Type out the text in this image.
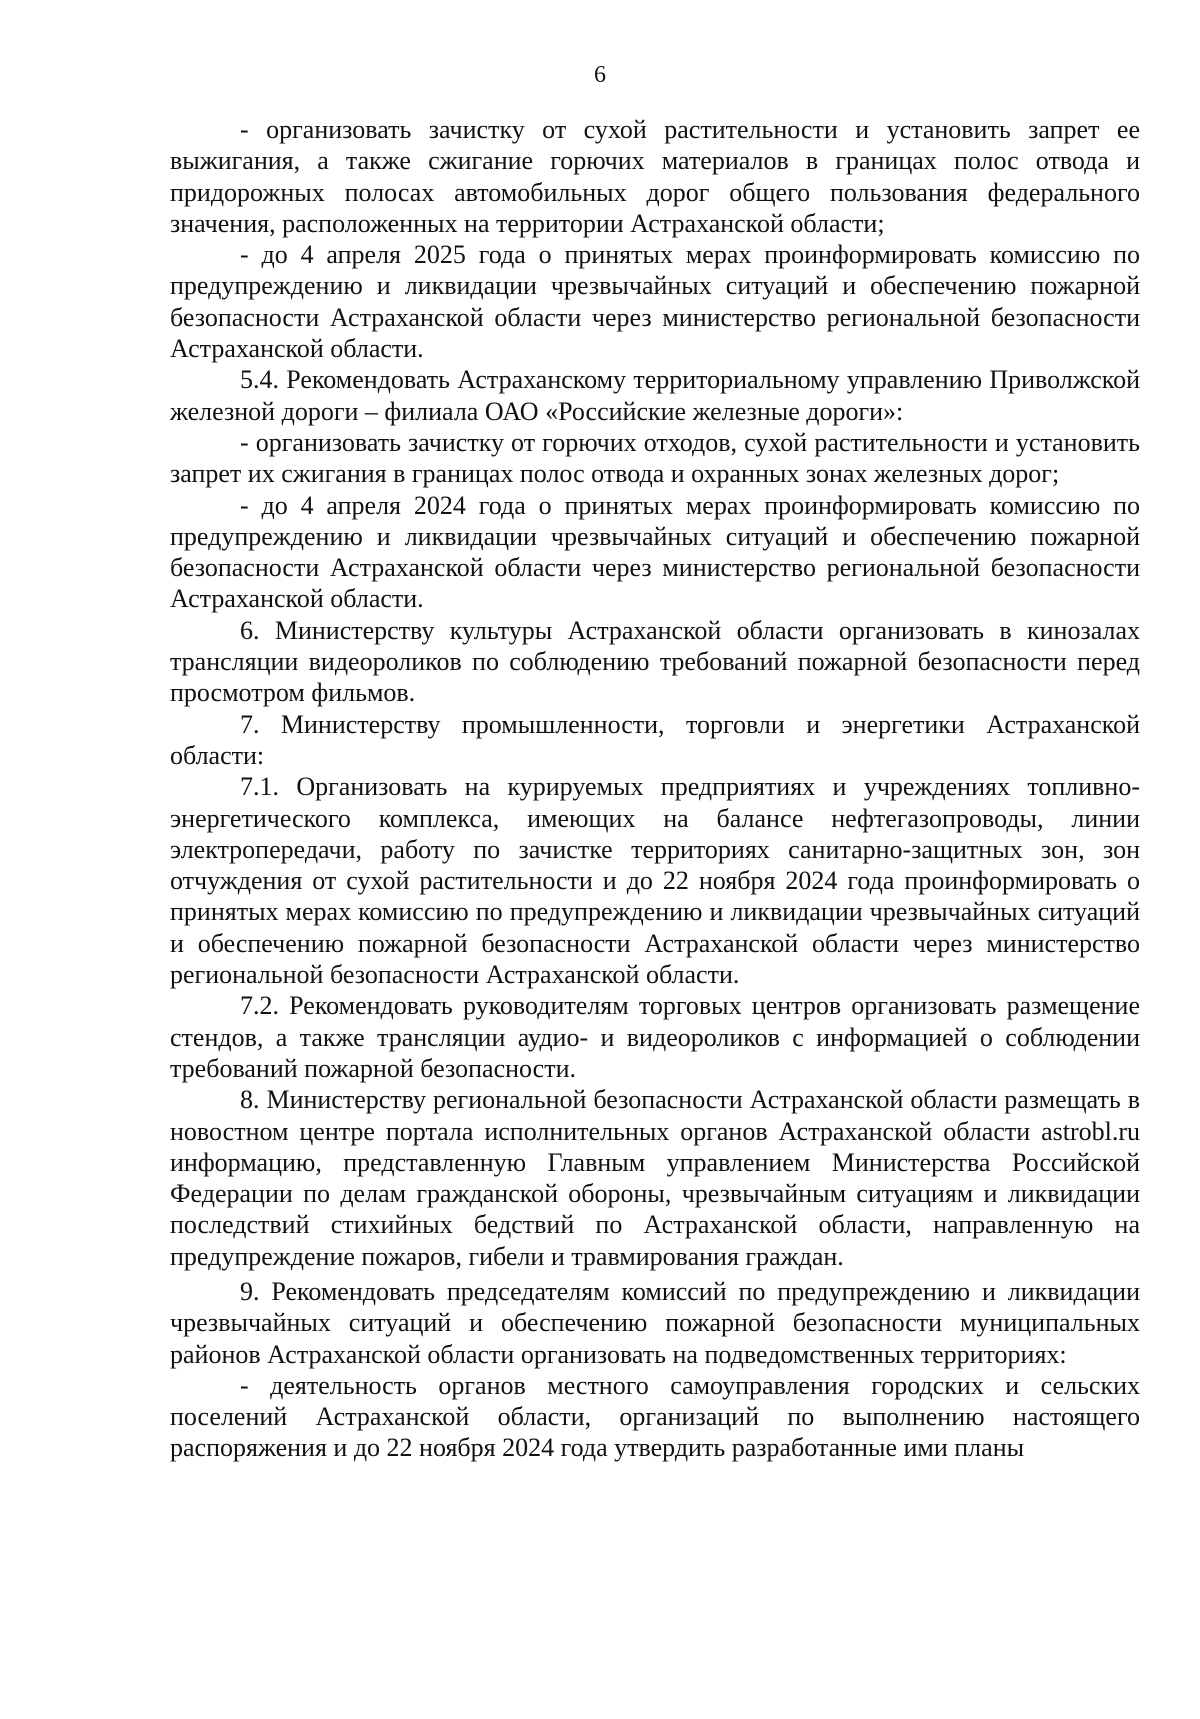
6

- организовать зачистку от сухой растительности и установить запрет ее выжигания, а также сжигание горючих материалов в границах полос отвода и придорожных полосах автомобильных дорог общего пользования федерального значения, расположенных на территории Астраханской области;

- до 4 апреля 2025 года о принятых мерах проинформировать комиссию по предупреждению и ликвидации чрезвычайных ситуаций и обеспечению пожарной безопасности Астраханской области через министерство региональной безопасности Астраханской области.

5.4. Рекомендовать Астраханскому территориальному управлению Приволжской железной дороги – филиала ОАО «Российские железные дороги»:

- организовать зачистку от горючих отходов, сухой растительности и установить запрет их сжигания в границах полос отвода и охранных зонах железных дорог;

- до 4 апреля 2024 года о принятых мерах проинформировать комиссию по предупреждению и ликвидации чрезвычайных ситуаций и обеспечению пожарной безопасности Астраханской области через министерство региональной безопасности Астраханской области.

6. Министерству культуры Астраханской области организовать в кинозалах трансляции видеороликов по соблюдению требований пожарной безопасности перед просмотром фильмов.

7. Министерству промышленности, торговли и энергетики Астраханской области:

7.1. Организовать на курируемых предприятиях и учреждениях топливно-энергетического комплекса, имеющих на балансе нефтегазопроводы, линии электропередачи, работу по зачистке территориях санитарно-защитных зон, зон отчуждения от сухой растительности и до 22 ноября 2024 года проинформировать о принятых мерах комиссию по предупреждению и ликвидации чрезвычайных ситуаций и обеспечению пожарной безопасности Астраханской области через министерство региональной безопасности Астраханской области.

7.2. Рекомендовать руководителям торговых центров организовать размещение стендов, а также трансляции аудио- и видеороликов с информацией о соблюдении требований пожарной безопасности.

8. Министерству региональной безопасности Астраханской области размещать в новостном центре портала исполнительных органов Астраханской области astrobl.ru информацию, представленную Главным управлением Министерства Российской Федерации по делам гражданской обороны, чрезвычайным ситуациям и ликвидации последствий стихийных бедствий по Астраханской области, направленную на предупреждение пожаров, гибели и травмирования граждан.

9. Рекомендовать председателям комиссий по предупреждению и ликвидации чрезвычайных ситуаций и обеспечению пожарной безопасности муниципальных районов Астраханской области организовать на подведомственных территориях:

- деятельность органов местного самоуправления городских и сельских поселений Астраханской области, организаций по выполнению настоящего распоряжения и до 22 ноября 2024 года утвердить разработанные ими планы
